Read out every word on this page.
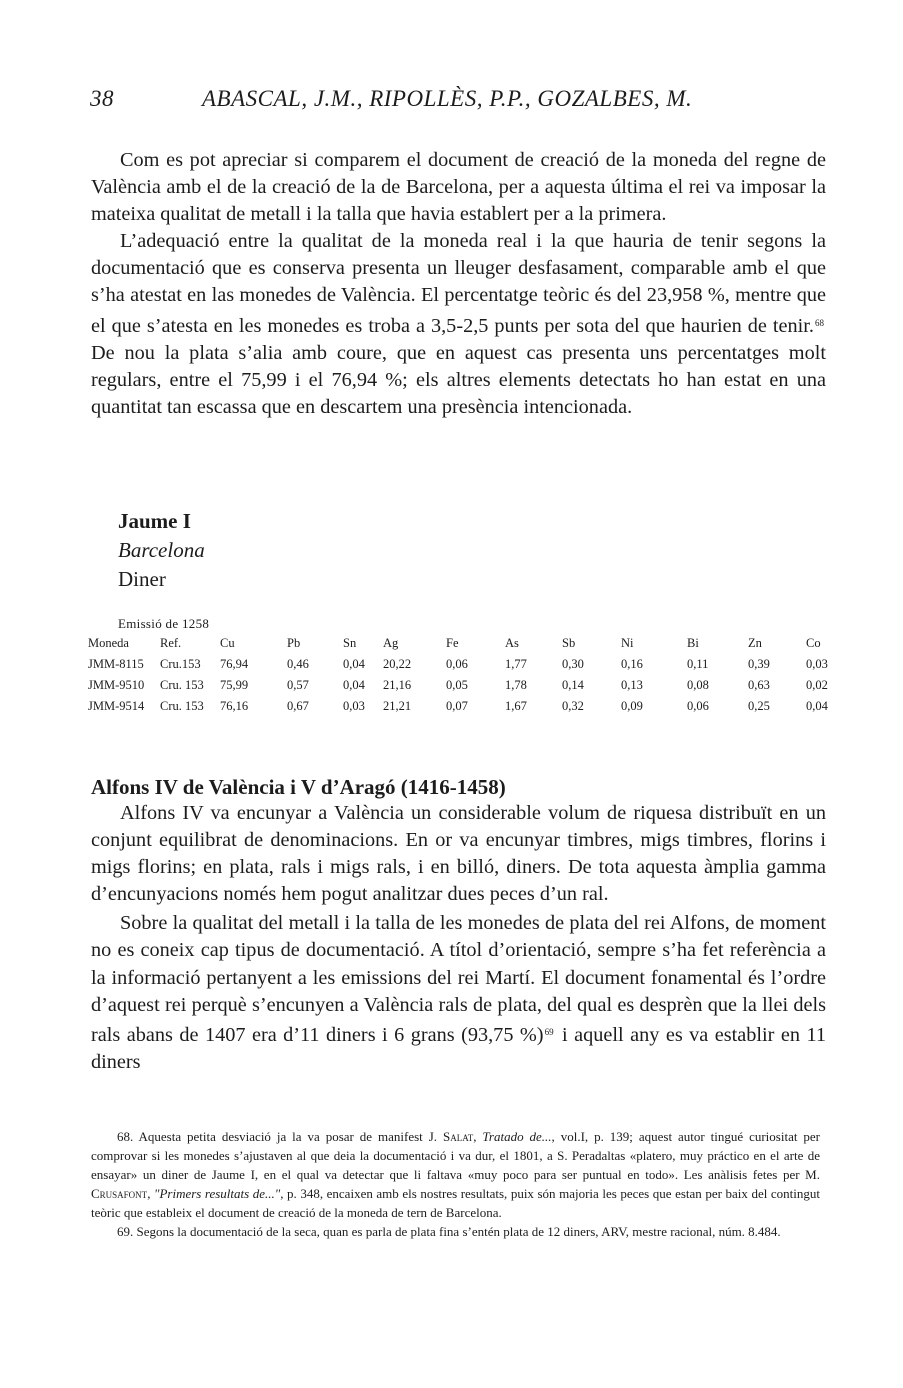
38	ABASCAL, J.M., RIPOLLÈS, P.P., GOZALBES, M.

Com es pot apreciar si comparem el document de creació de la moneda del regne de València amb el de la creació de la de Barcelona, per a aquesta última el rei va imposar la mateixa qualitat de metall i la talla que havia establert per a la primera.

L’adequació entre la qualitat de la moneda real i la que hauria de tenir segons la documentació que es conserva presenta un lleuger desfasament, comparable amb el que s’ha atestat en las monedes de València. El percentatge teòric és del 23,958 %, mentre que el que s’atesta en les monedes es troba a 3,5-2,5 punts per sota del que haurien de tenir.$^{68}$ De nou la plata s’alia amb coure, que en aquest cas presenta uns percentatges molt regulars, entre el 75,99 i el 76,94 %; els altres elements detectats ho han estat en una quantitat tan escassa que en descartem una presència intencionada.

Jaume I
Barcelona
Diner
Emissió de 1258
Moneda	Ref.	Cu	Pb	Sn	Ag	Fe	As	Sb	Ni	Bi	Zn	Co
JMM-8115	Cru.153	76,94	0,46	0,04	20,22	0,06	1,77	0,30	0,16	0,11	0,39	0,03
JMM-9510	Cru. 153	75,99	0,57	0,04	21,16	0,05	1,78	0,14	0,13	0,08	0,63	0,02
JMM-9514	Cru. 153	76,16	0,67	0,03	21,21	0,07	1,67	0,32	0,09	0,06	0,25	0,04
Alfons IV de València i V d’Aragó (1416-1458)

Alfons IV va encunyar a València un considerable volum de riquesa distribuït en un conjunt equilibrat de denominacions. En or va encunyar timbres, migs timbres, florins i migs florins; en plata, rals i migs rals, i en billó, diners. De tota aquesta àmplia gamma d’encunyacions només hem pogut analitzar dues peces d’un ral.

Sobre la qualitat del metall i la talla de les monedes de plata del rei Alfons, de moment no es coneix cap tipus de documentació. A títol d’orientació, sempre s’ha fet referència a la informació pertanyent a les emissions del rei Martí. El document fonamental és l’ordre d’aquest rei perquè s’encunyen a València rals de plata, del qual es desprèn que la llei dels rals abans de 1407 era d’11 diners i 6 grans (93,75 %)$^{69}$ i aquell any es va establir en 11 diners

68. Aquesta petita desviació ja la va posar de manifest J. Salat, Tratado de..., vol.I, p. 139; aquest autor tingué curiositat per comprovar si les monedes s’ajustaven al que deia la documentació i va dur, el 1801, a S. Peradaltas «platero, muy práctico en el arte de ensayar» un diner de Jaume I, en el qual va detectar que li faltava «muy poco para ser puntual en todo». Les anàlisis fetes per M. Crusafont, "Primers resultats de...", p. 348, encaixen amb els nostres resultats, puix són majoria les peces que estan per baix del contingut teòric que estableix el document de creació de la moneda de tern de Barcelona.

69. Segons la documentació de la seca, quan es parla de plata fina s’entén plata de 12 diners, ARV, mestre racional, núm. 8.484.
